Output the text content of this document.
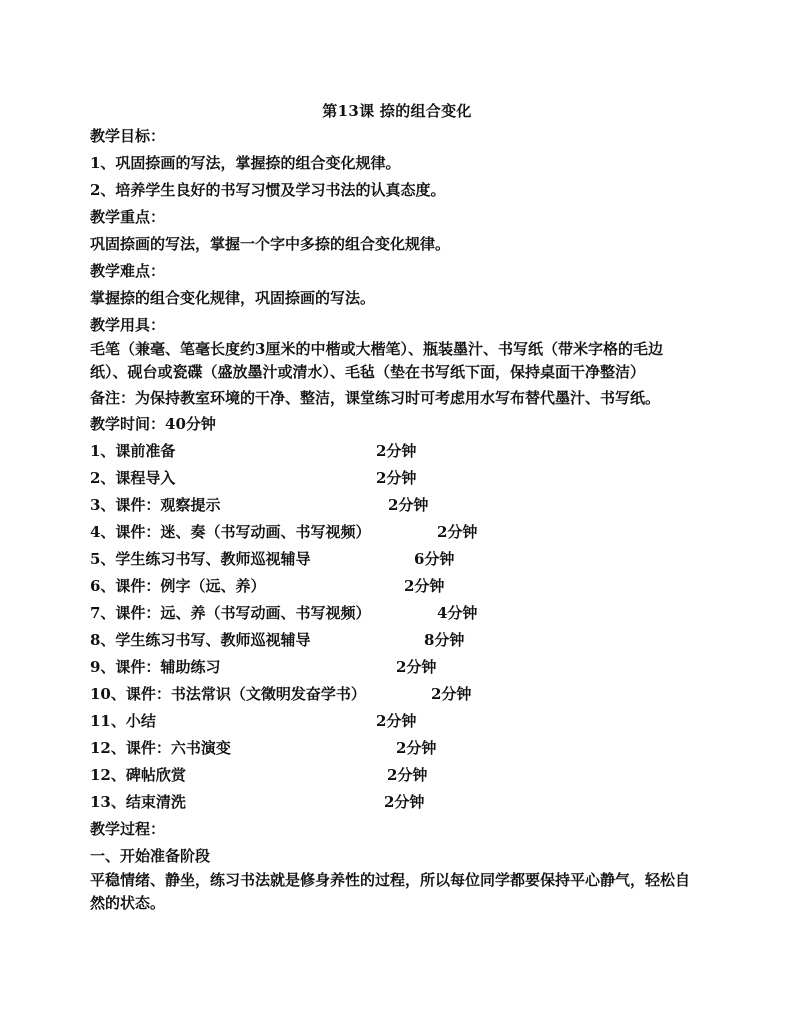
第13课 捺的组合变化
教学目标：
1、巩固捺画的写法，掌握捺的组合变化规律。
2、培养学生良好的书写习惯及学习书法的认真态度。
教学重点：
巩固捺画的写法，掌握一个字中多捺的组合变化规律。
教学难点：
掌握捺的组合变化规律，巩固捺画的写法。
教学用具：
毛笔（兼毫、笔毫长度约3厘米的中楷或大楷笔）、瓶装墨汁、书写纸（带米字格的毛边纸）、砚台或瓷碟（盛放墨汁或清水）、毛毡（垫在书写纸下面，保持桌面干净整洁）
备注：为保持教室环境的干净、整洁，课堂练习时可考虑用水写布替代墨汁、书写纸。
教学时间：40分钟
1、课前准备	2分钟
2、课程导入	2分钟
3、课件：观察提示	2分钟
4、课件：迷、奏（书写动画、书写视频）	2分钟
5、学生练习书写、教师巡视辅导	6分钟
6、课件：例字（远、养）	2分钟
7、课件：远、养（书写动画、书写视频）	4分钟
8、学生练习书写、教师巡视辅导	8分钟
9、课件：辅助练习	2分钟
10、课件：书法常识（文徵明发奋学书）	2分钟
11、小结	2分钟
12、课件：六书演变	2分钟
12、碑帖欣赏	2分钟
13、结束清洗	2分钟
教学过程：
一、开始准备阶段
平稳情绪、静坐，练习书法就是修身养性的过程，所以每位同学都要保持平心静气，轻松自然的状态。
